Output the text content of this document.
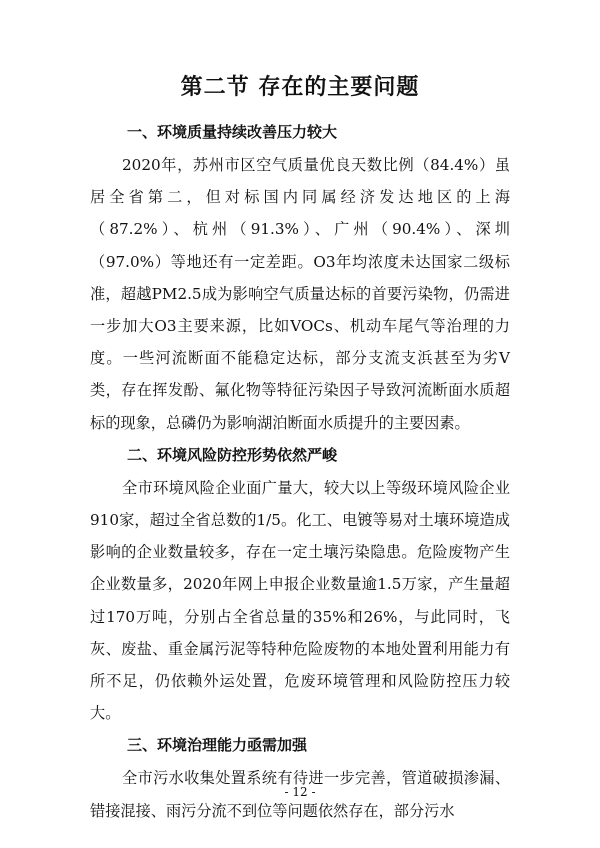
第二节 存在的主要问题
一、环境质量持续改善压力较大

2020年，苏州市区空气质量优良天数比例（84.4%）虽居全省第二，但对标国内同属经济发达地区的上海（87.2%）、杭州（91.3%）、广州（90.4%）、深圳（97.0%）等地还有一定差距。O3年均浓度未达国家二级标准，超越PM2.5成为影响空气质量达标的首要污染物，仍需进一步加大O3主要来源，比如VOCs、机动车尾气等治理的力度。一些河流断面不能稳定达标，部分支流支浜甚至为劣V类，存在挥发酚、氟化物等特征污染因子导致河流断面水质超标的现象，总磷仍为影响湖泊断面水质提升的主要因素。

二、环境风险防控形势依然严峻

全市环境风险企业面广量大，较大以上等级环境风险企业910家，超过全省总数的1/5。化工、电镀等易对土壤环境造成影响的企业数量较多，存在一定土壤污染隐患。危险废物产生企业数量多，2020年网上申报企业数量逾1.5万家，产生量超过170万吨，分别占全省总量的35%和26%，与此同时，飞灰、废盐、重金属污泥等特种危险废物的本地处置利用能力有所不足，仍依赖外运处置，危废环境管理和风险防控压力较大。

三、环境治理能力亟需加强

全市污水收集处置系统有待进一步完善，管道破损渗漏、错接混接、雨污分流不到位等问题依然存在，部分污水

- 12 -
